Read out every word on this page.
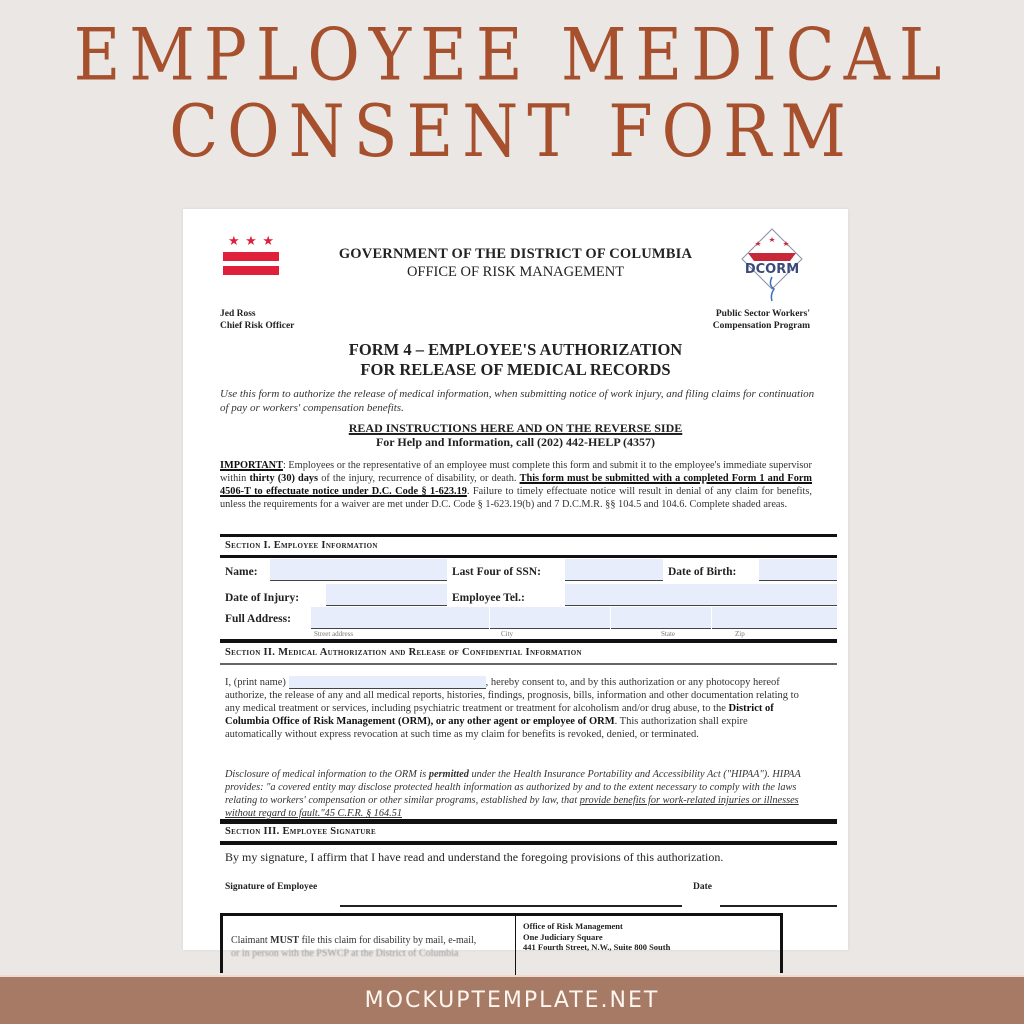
EMPLOYEE MEDICAL
CONSENT FORM
★ ★ ★
GOVERNMENT OF THE DISTRICT OF COLUMBIA
OFFICE OF RISK MANAGEMENT	DCORM
Jed Ross
Chief Risk Officer
Public Sector Workers'
Compensation Program
FORM 4 – EMPLOYEE'S AUTHORIZATION
FOR RELEASE OF MEDICAL RECORDS
Use this form to authorize the release of medical information, when submitting notice of work injury, and filing claims for continuation of pay or workers' compensation benefits.
READ INSTRUCTIONS HERE AND ON THE REVERSE SIDE
For Help and Information, call (202) 442-HELP (4357)
IMPORTANT: Employees or the representative of an employee must complete this form and submit it to the employee's immediate supervisor within thirty (30) days of the injury, recurrence of disability, or death. This form must be submitted with a completed Form 1 and Form 4506-T to effectuate notice under D.C. Code § 1-623.19. Failure to timely effectuate notice will result in denial of any claim for benefits, unless the requirements for a waiver are met under D.C. Code § 1-623.19(b) and 7 D.C.M.R. §§ 104.5 and 104.6. Complete shaded areas.
Section I. Employee Information
Name:	Last Four of SSN:	Date of Birth:
Date of Injury:	Employee Tel.:
Full Address:
Street address	City	State	Zip
Section II. Medical Authorization and Release of Confidential Information
I, (print name)	, hereby consent to, and by this authorization or any photocopy hereof authorize, the release of any and all medical reports, histories, findings, prognosis, bills, information and other documentation relating to any medical treatment or services, including psychiatric treatment or treatment for alcoholism and/or drug abuse, to the District of Columbia Office of Risk Management (ORM), or any other agent or employee of ORM. This authorization shall expire automatically without express revocation at such time as my claim for benefits is revoked, denied, or terminated.
Disclosure of medical information to the ORM is permitted under the Health Insurance Portability and Accessibility Act ("HIPAA"). HIPAA provides: "a covered entity may disclose protected health information as authorized by and to the extent necessary to comply with the laws relating to workers' compensation or other similar programs, established by law, that provide benefits for work-related injuries or illnesses without regard to fault."45 C.F.R. § 164.51
Section III. Employee Signature
By my signature, I affirm that I have read and understand the foregoing provisions of this authorization.
Signature of Employee	Date
Claimant MUST file this claim for disability by mail, e-mail,
or in person with the PSWCP at the District of Columbia
Office of Risk Management
One Judiciary Square
441 Fourth Street, N.W., Suite 800 South
MOCKUPTEMPLATE.NET
